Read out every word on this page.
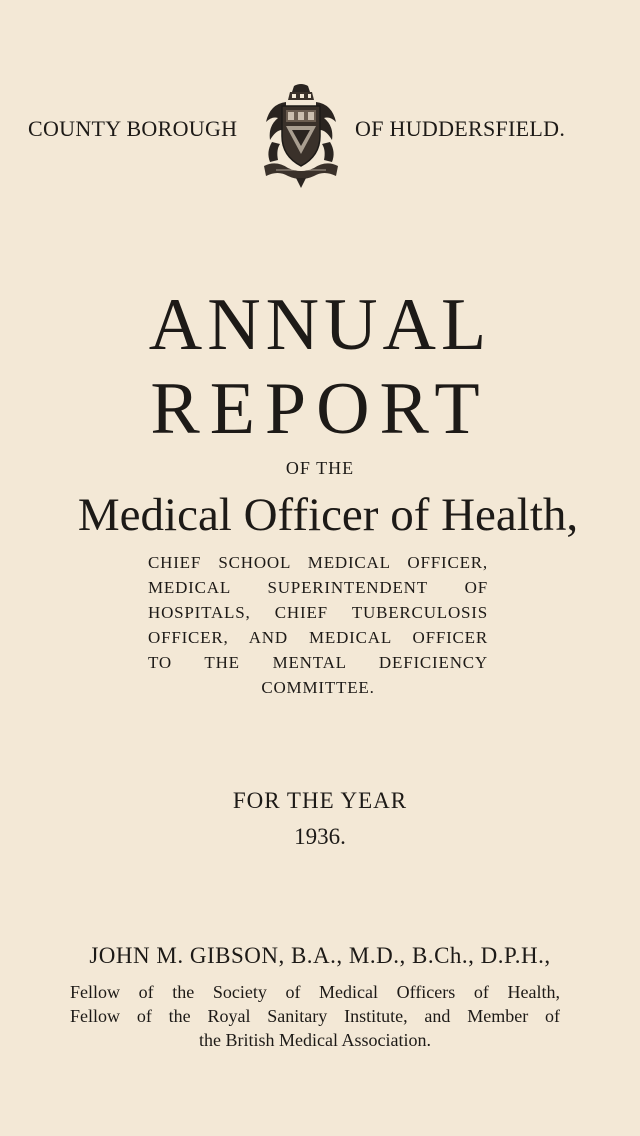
COUNTY BOROUGH	OF HUDDERSFIELD.
ANNUAL
REPORT
OF THE
Medical Officer of Health,
CHIEF SCHOOL MEDICAL OFFICER,
MEDICAL SUPERINTENDENT OF
HOSPITALS, CHIEF TUBERCULOSIS
OFFICER, AND MEDICAL OFFICER
TO THE MENTAL DEFICIENCY
COMMITTEE.
FOR THE YEAR
1936.
JOHN M. GIBSON, B.A., M.D., B.Ch., D.P.H.,
Fellow of the Society of Medical Officers of Health,
Fellow of the Royal Sanitary Institute, and Member of
the British Medical Association.
